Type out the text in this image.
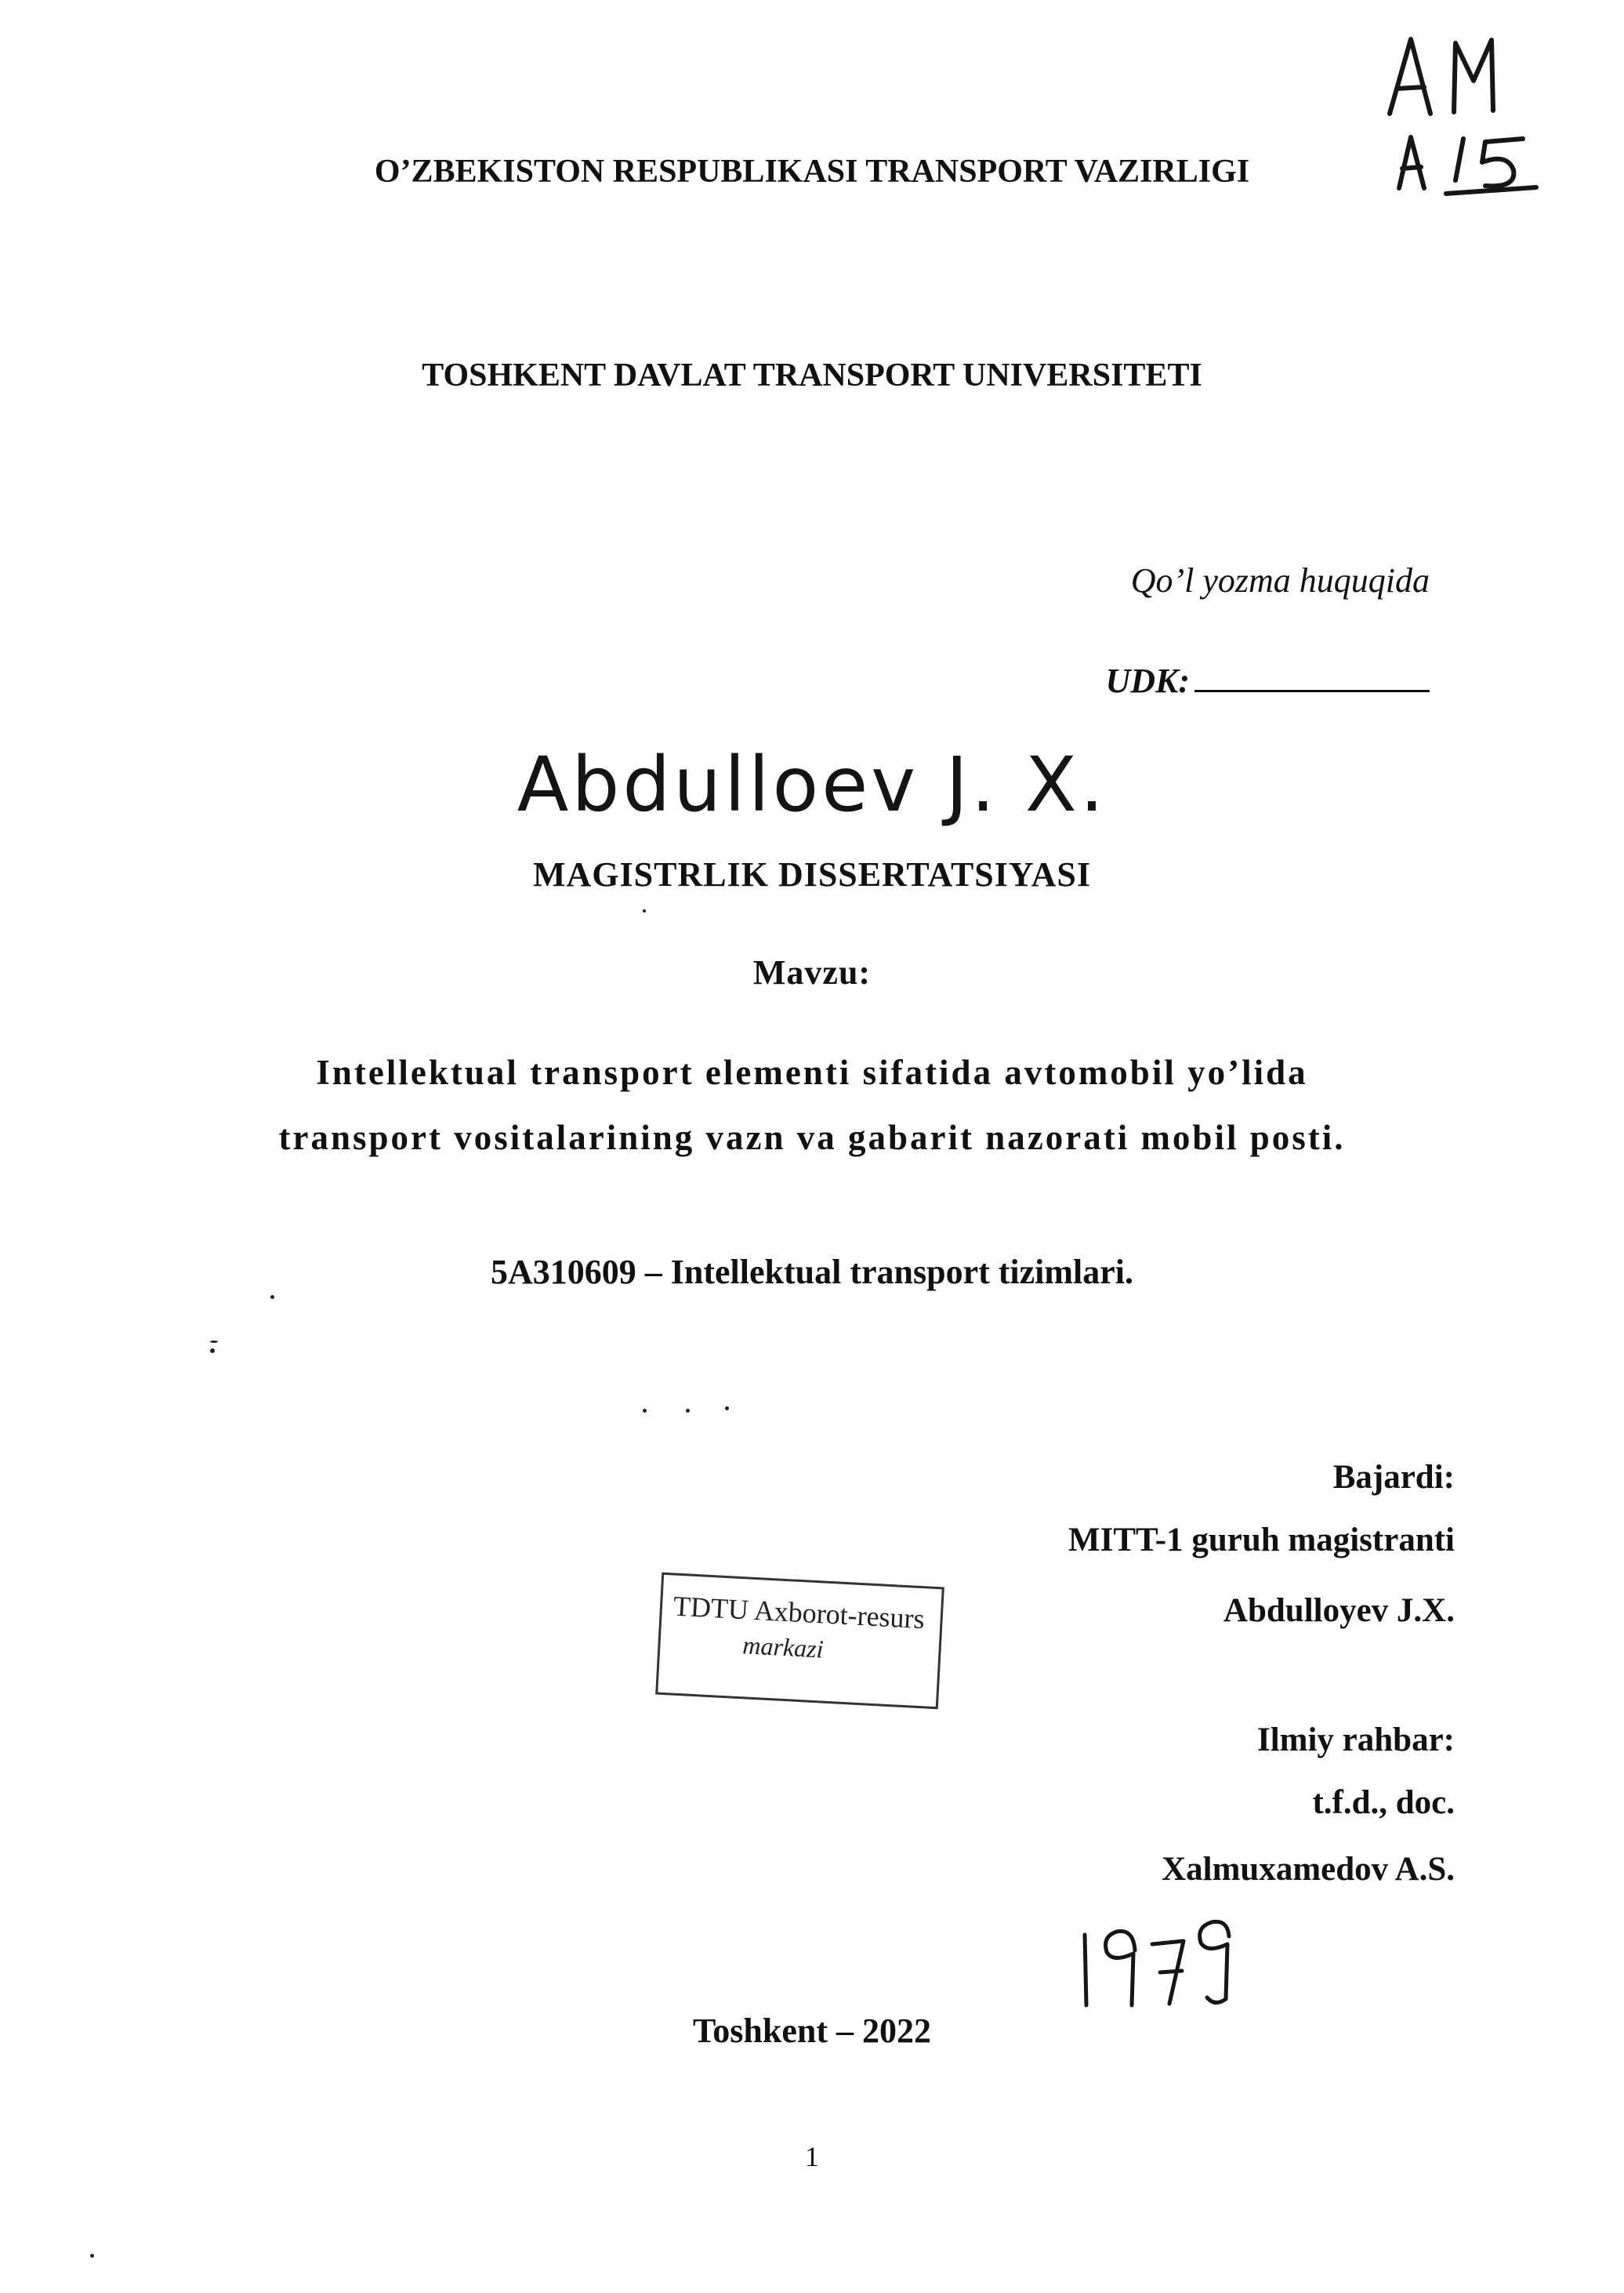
O’ZBEKISTON RESPUBLIKASI TRANSPORT VAZIRLIGI
TOSHKENT DAVLAT TRANSPORT UNIVERSITETI
Qo’l yozma huquqida
UDK:
Abdulloev J. X.
MAGISTRLIK DISSERTATSIYASI
Mavzu:
Intellektual transport elementi sifatida avtomobil yo’lida
transport vositalarining vazn va gabarit nazorati mobil posti.
5A310609 – Intellektual transport tizimlari.
TDTU Axborot-resurs
markazi
Bajardi:
MITT-1 guruh magistranti
Abdulloyev J.X.
Ilmiy rahbar:
t.f.d., doc.
Xalmuxamedov A.S.
Toshkent – 2022
1
